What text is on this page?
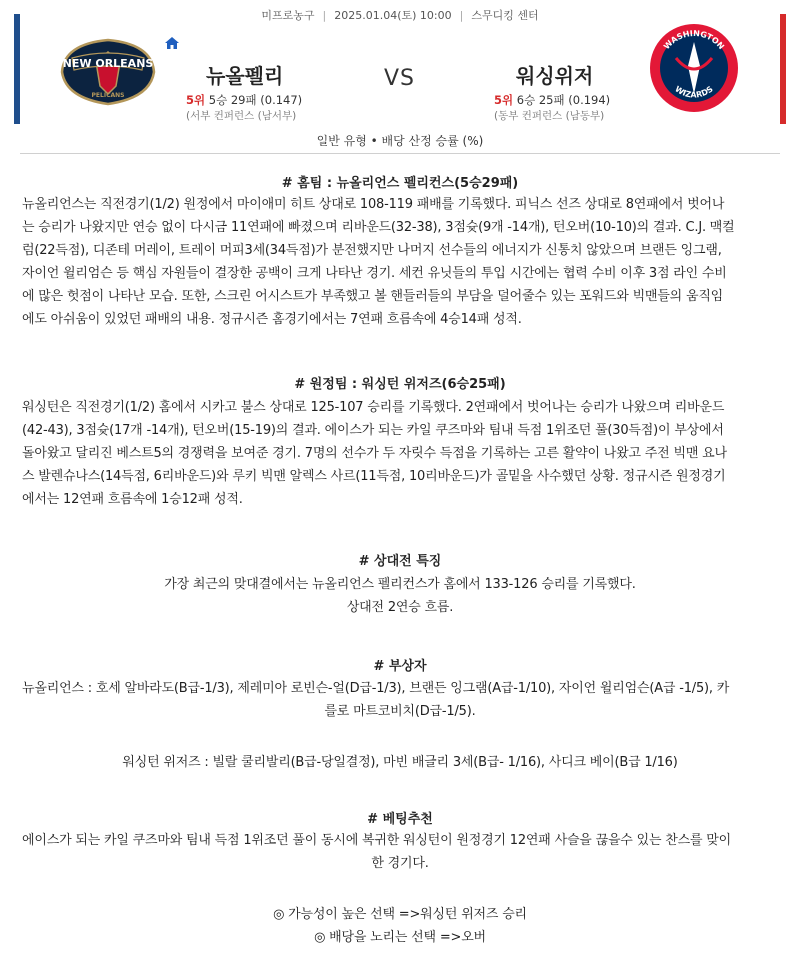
미프로농구 | 2025.01.04(토) 10:00 | 스무디킹 센터
NEW ORLEANS
PELICANS
뉴올펠리	VS	워싱위저
5위 5승 29패 (0.147)
(서부 컨퍼런스 (남서부)
5위 6승 25패 (0.194)
(동부 컨퍼런스 (남동부)
WASHINGTON
WIZARDS
일반 유형 • 배당 산정 승률 (%)
# 홈팀 : 뉴올리언스 펠리컨스(5승29패)
뉴올리언스는 직전경기(1/2) 원정에서 마이애미 히트 상대로 108-119 패배를 기록했다. 피닉스 선즈 상대로 8연패에서 벗어나
는 승리가 나왔지만 연승 없이 다시금 11연패에 빠졌으며 리바운드(32-38), 3점슛(9개 -14개), 턴오버(10-10)의 결과. C.J. 맥컬
럼(22득점), 디존테 머레이, 트레이 머피3세(34득점)가 분전했지만 나머지 선수들의 에너지가 신통치 않았으며 브랜든 잉그램,
자이언 윌리엄슨 등 핵심 자원들이 결장한 공백이 크게 나타난 경기. 세컨 유닛들의 투입 시간에는 협력 수비 이후 3점 라인 수비
에 많은 헛점이 나타난 모습. 또한, 스크린 어시스트가 부족했고 볼 핸들러들의 부담을 덜어줄수 있는 포워드와 빅맨들의 움직임
에도 아쉬움이 있었던 패배의 내용. 정규시즌 홈경기에서는 7연패 흐름속에 4승14패 성적.
# 원정팀 : 워싱턴 위저즈(6승25패)
워싱턴은 직전경기(1/2) 홈에서 시카고 불스 상대로 125-107 승리를 기록했다. 2연패에서 벗어나는 승리가 나왔으며 리바운드
(42-43), 3점슛(17개 -14개), 턴오버(15-19)의 결과. 에이스가 되는 카일 쿠즈마와 팀내 득점 1위조던 풀(30득점)이 부상에서
돌아왔고 달리진 베스트5의 경쟁력을 보여준 경기. 7명의 선수가 두 자릿수 득점을 기록하는 고른 활약이 나왔고 주전 빅맨 요나
스 발렌슈나스(14득점, 6리바운드)와 루키 빅맨 알렉스 사르(11득점, 10리바운드)가 골밑을 사수했던 상황. 정규시즌 원정경기
에서는 12연패 흐름속에 1승12패 성적.
# 상대전 특징
가장 최근의 맞대결에서는 뉴올리언스 펠리컨스가 홈에서 133-126 승리를 기록했다.
상대전 2연승 흐름.
# 부상자
뉴올리언스 : 호세 알바라도(B급-1/3), 제레미아 로빈슨-얼(D급-1/3), 브랜든 잉그램(A급-1/10), 자이언 윌리엄슨(A급 -1/5), 카
를로 마트코비치(D급-1/5).
워싱턴 위저즈 : 빌랄 쿨리발리(B급-당일결정), 마빈 배글리 3세(B급- 1/16), 사디크 베이(B급 1/16)
# 베팅추천
에이스가 되는 카일 쿠즈마와 팀내 득점 1위조던 풀이 동시에 복귀한 워싱턴이 원정경기 12연패 사슬을 끊을수 있는 찬스를 맞이
한 경기다.
◎ 가능성이 높은 선택 =>워싱턴 위저즈 승리
◎ 배당을 노리는 선택 =>오버
